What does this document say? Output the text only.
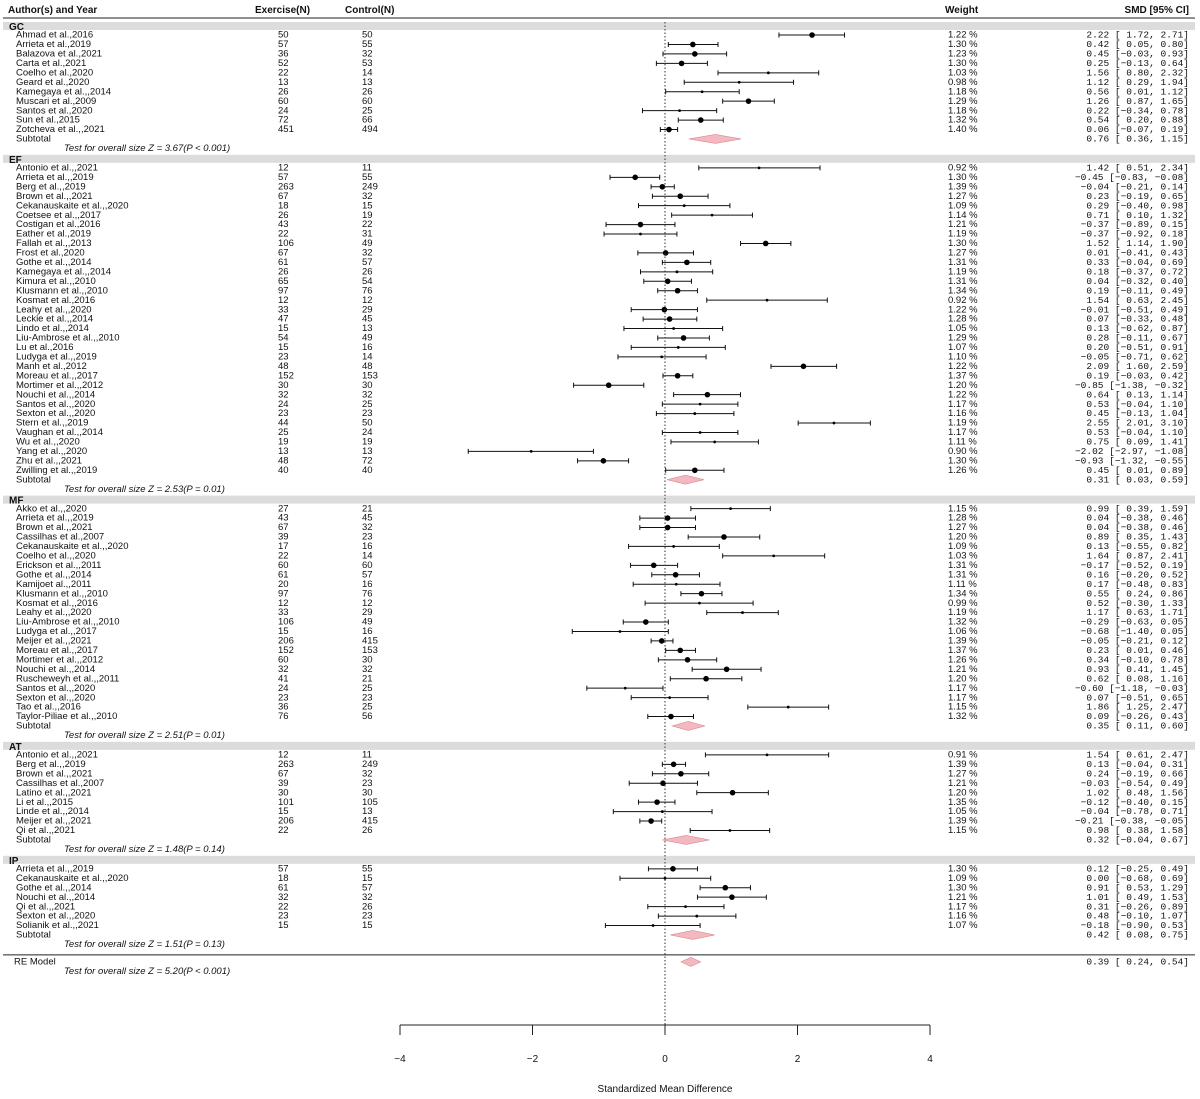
Author(s) and Year	Exercise(N)	Control(N)	Weight	SMD [95% CI]
GC
Ahmad et al.,2016	50	50	1.22 %	2.22 [ 1.72, 2.71]
Arrieta et al.,2019	57	55	1.30 %	0.42 [ 0.05, 0.80]
Balazova et al.,2021	36	32	1.23 %	0.45 [−0.03, 0.93]
Carta et al.,2021	52	53	1.30 %	0.25 [−0.13, 0.64]
Coelho et al.,2020	22	14	1.03 %	1.56 [ 0.80, 2.32]
Geard et al.,2020	13	13	0.98 %	1.12 [ 0.29, 1.94]
Kamegaya et al.,,2014	26	26	1.18 %	0.56 [ 0.01, 1.12]
Muscari et al.,2009	60	60	1.29 %	1.26 [ 0.87, 1.65]
Santos et al.,2020	24	25	1.18 %	0.22 [−0.34, 0.78]
Sun et al.,2015	72	66	1.32 %	0.54 [ 0.20, 0.88]
Zotcheva et al.,,2021	451	494	1.40 %	0.06 [−0.07, 0.19]
Subtotal	0.76 [ 0.36, 1.15]
Test for overall size Z = 3.67(P < 0.001)
EF
Antonio et al.,,2021	12	11	0.92 %	1.42 [ 0.51, 2.34]
Arrieta et al.,,2019	57	55	1.30 %	−0.45 [−0.83, −0.08]
Berg et al.,,2019	263	249	1.39 %	−0.04 [−0.21, 0.14]
Brown et al.,,2021	67	32	1.27 %	0.23 [−0.19, 0.65]
Cekanauskaite et al.,,2020	18	15	1.09 %	0.29 [−0.40, 0.98]
Coetsee et al.,,2017	26	19	1.14 %	0.71 [ 0.10, 1.32]
Costigan et al.,2016	43	22	1.21 %	−0.37 [−0.89, 0.15]
Eather et al.,2019	22	31	1.19 %	−0.37 [−0.92, 0.18]
Fallah et al.,,2013	106	49	1.30 %	1.52 [ 1.14, 1.90]
Frost et al.,2020	67	32	1.27 %	0.01 [−0.41, 0.43]
Gothe et al.,,2014	61	57	1.31 %	0.33 [−0.04, 0.69]
Kamegaya et al.,,2014	26	26	1.19 %	0.18 [−0.37, 0.72]
Kimura et al.,,2010	65	54	1.31 %	0.04 [−0.32, 0.40]
Klusmann et al.,,2010	97	76	1.34 %	0.19 [−0.11, 0.49]
Kosmat et al.,2016	12	12	0.92 %	1.54 [ 0.63, 2.45]
Leahy et al.,,2020	33	29	1.22 %	−0.01 [−0.51, 0.49]
Leckie et al.,,2014	47	45	1.28 %	0.07 [−0.33, 0.48]
Lindo et al.,,2014	15	13	1.05 %	0.13 [−0.62, 0.87]
Liu-Ambrose et al.,,2010	54	49	1.29 %	0.28 [−0.11, 0.67]
Lu et al.,2016	15	16	1.07 %	0.20 [−0.51, 0.91]
Ludyga et al.,,2019	23	14	1.10 %	−0.05 [−0.71, 0.62]
Manh et al.,2012	48	48	1.22 %	2.09 [ 1.60, 2.59]
Moreau et al.,,2017	152	153	1.37 %	0.19 [−0.03, 0.42]
Mortimer et al.,,2012	30	30	1.20 %	−0.85 [−1.38, −0.32]
Nouchi et al.,,2014	32	32	1.22 %	0.64 [ 0.13, 1.14]
Santos et al.,,2020	24	25	1.17 %	0.53 [−0.04, 1.10]
Sexton et al.,,2020	23	23	1.16 %	0.45 [−0.13, 1.04]
Stern et al.,,2019	44	50	1.19 %	2.55 [ 2.01, 3.10]
Vaughan et al.,,2014	25	24	1.17 %	0.53 [−0.04, 1.10]
Wu et al.,,2020	19	19	1.11 %	0.75 [ 0.09, 1.41]
Yang et al.,,2020	13	13	0.90 %	−2.02 [−2.97, −1.08]
Zhu et al.,,2021	48	72	1.30 %	−0.93 [−1.32, −0.55]
Zwilling et al.,,2019	40	40	1.26 %	0.45 [ 0.01, 0.89]
Subtotal	0.31 [ 0.03, 0.59]
Test for overall size Z = 2.53(P = 0.01)
MF
Akko et al.,,2020	27	21	1.15 %	0.99 [ 0.39, 1.59]
Arrieta et al.,,2019	43	45	1.28 %	0.04 [−0.38, 0.46]
Brown et al.,,2021	67	32	1.27 %	0.04 [−0.38, 0.46]
Cassilhas et al.,2007	39	23	1.20 %	0.89 [ 0.35, 1.43]
Cekanauskaite et al.,,2020	17	16	1.09 %	0.13 [−0.55, 0.82]
Coelho et al.,,2020	22	14	1.03 %	1.64 [ 0.87, 2.41]
Erickson et al.,,2011	60	60	1.31 %	−0.17 [−0.52, 0.19]
Gothe et al.,,2014	61	57	1.31 %	0.16 [−0.20, 0.52]
Kamijoet al.,,2011	20	16	1.11 %	0.17 [−0.48, 0.83]
Klusmann et al.,,2010	97	76	1.34 %	0.55 [ 0.24, 0.86]
Kosmat et al.,,2016	12	12	0.99 %	0.52 [−0.30, 1.33]
Leahy et al.,,2020	33	29	1.19 %	1.17 [ 0.63, 1.71]
Liu-Ambrose et al.,,2010	106	49	1.32 %	−0.29 [−0.63, 0.05]
Ludyga et al.,,2017	15	16	1.06 %	−0.68 [−1.40, 0.05]
Meijer et al.,,2021	206	415	1.39 %	−0.05 [−0.21, 0.12]
Moreau et al.,,2017	152	153	1.37 %	0.23 [ 0.01, 0.46]
Mortimer et al.,,2012	60	30	1.26 %	0.34 [−0.10, 0.78]
Nouchi et al.,,2014	32	32	1.21 %	0.93 [ 0.41, 1.45]
Ruscheweyh et al.,,2011	41	21	1.20 %	0.62 [ 0.08, 1.16]
Santos et al.,,2020	24	25	1.17 %	−0.60 [−1.18, −0.03]
Sexton et al.,,2020	23	23	1.17 %	0.07 [−0.51, 0.65]
Tao et al.,,2016	36	25	1.15 %	1.86 [ 1.25, 2.47]
Taylor-Piliae et al.,,2010	76	56	1.32 %	0.09 [−0.26, 0.43]
Subtotal	0.35 [ 0.11, 0.60]
Test for overall size Z = 2.51(P = 0.01)
AT
Antonio et al.,,2021	12	11	0.91 %	1.54 [ 0.61, 2.47]
Berg et al.,,2019	263	249	1.39 %	0.13 [−0.04, 0.31]
Brown et al.,,2021	67	32	1.27 %	0.24 [−0.19, 0.66]
Cassilhas et al.,2007	39	23	1.21 %	−0.03 [−0.54, 0.49]
Latino et al.,,2021	30	30	1.20 %	1.02 [ 0.48, 1.56]
Li et al.,,2015	101	105	1.35 %	−0.12 [−0.40, 0.15]
Linde et al.,,2014	15	13	1.05 %	−0.04 [−0.78, 0.71]
Meijer et al.,,2021	206	415	1.39 %	−0.21 [−0.38, −0.05]
Qi et al.,,2021	22	26	1.15 %	0.98 [ 0.38, 1.58]
Subtotal	0.32 [−0.04, 0.67]
Test for overall size Z = 1.48(P = 0.14)
IP
Arrieta et al.,,2019	57	55	1.30 %	0.12 [−0.25, 0.49]
Cekanauskaite et al.,,2020	18	15	1.09 %	0.00 [−0.68, 0.69]
Gothe et al.,,2014	61	57	1.30 %	0.91 [ 0.53, 1.29]
Nouchi et al.,,2014	32	32	1.21 %	1.01 [ 0.49, 1.53]
Qi et al.,,2021	22	26	1.17 %	0.31 [−0.26, 0.89]
Sexton et al.,,2020	23	23	1.16 %	0.48 [−0.10, 1.07]
Solianik et al.,,2021	15	15	1.07 %	−0.18 [−0.90, 0.53]
Subtotal	0.42 [ 0.08, 0.75]
Test for overall size Z = 1.51(P = 0.13)
RE Model	0.39 [ 0.24, 0.54]
Test for overall size Z = 5.20(P < 0.001)
Standardized Mean Difference
−4	−2	0	2	4
